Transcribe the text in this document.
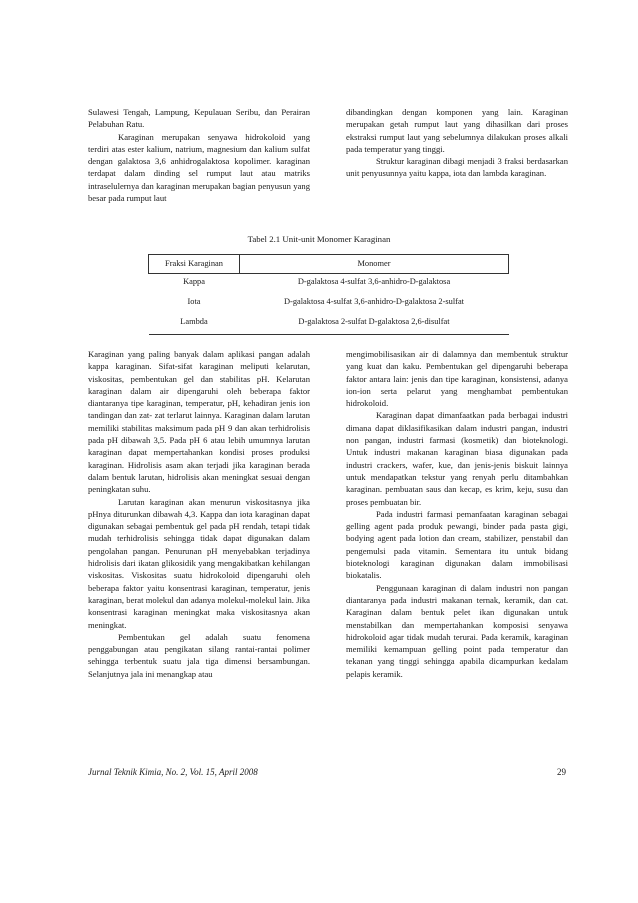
Sulawesi Tengah, Lampung, Kepulauan Seribu, dan Perairan Pelabuhan Ratu.

Karaginan merupakan senyawa hidrokoloid yang terdiri atas ester kalium, natrium, magnesium dan kalium sulfat dengan galaktosa 3,6 anhidrogalaktosa kopolimer. karaginan terdapat dalam dinding sel rumput laut atau matriks intraselulernya dan karaginan merupakan bagian penyusun yang besar pada rumput laut

dibandingkan dengan komponen yang lain. Karaginan merupakan getah rumput laut yang dihasilkan dari proses ekstraksi rumput laut yang sebelumnya dilakukan proses alkali pada temperatur yang tinggi.

Struktur karaginan dibagi menjadi 3 fraksi berdasarkan unit penyusunnya yaitu kappa, iota dan lambda karaginan.

Tabel 2.1 Unit-unit Monomer Karaginan
Fraksi Karaginan	Monomer
Kappa	D-galaktosa 4-sulfat 3,6-anhidro-D-galaktosa
Iota	D-galaktosa 4-sulfat 3,6-anhidro-D-galaktosa 2-sulfat
Lambda	D-galaktosa 2-sulfat D-galaktosa 2,6-disulfat

Karaginan yang paling banyak dalam aplikasi pangan adalah kappa karaginan. Sifat-sifat karaginan meliputi kelarutan, viskositas, pembentukan gel dan stabilitas pH. Kelarutan karaginan dalam air dipengaruhi oleh beberapa faktor diantaranya tipe karaginan, temperatur, pH, kehadiran jenis ion tandingan dan zat- zat terlarut lainnya. Karaginan dalam larutan memiliki stabilitas maksimum pada pH 9 dan akan terhidrolisis pada pH dibawah 3,5. Pada pH 6 atau lebih umumnya larutan karaginan dapat mempertahankan kondisi proses produksi karaginan. Hidrolisis asam akan terjadi jika karaginan berada dalam bentuk larutan, hidrolisis akan meningkat sesuai dengan peningkatan suhu.

Larutan karaginan akan menurun viskositasnya jika pHnya diturunkan dibawah 4,3. Kappa dan iota karaginan dapat digunakan sebagai pembentuk gel pada pH rendah, tetapi tidak mudah terhidrolisis sehingga tidak dapat digunakan dalam pengolahan pangan. Penurunan pH menyebabkan terjadinya hidrolisis dari ikatan glikosidik yang mengakibatkan kehilangan viskositas. Viskositas suatu hidrokoloid dipengaruhi oleh beberapa faktor yaitu konsentrasi karaginan, temperatur, jenis karaginan, berat molekul dan adanya molekul-molekul lain. Jika konsentrasi karaginan meningkat maka viskositasnya akan meningkat.

Pembentukan gel adalah suatu fenomena penggabungan atau pengikatan silang rantai-rantai polimer sehingga terbentuk suatu jala tiga dimensi bersambungan. Selanjutnya jala ini menangkap atau

mengimobilisasikan air di dalamnya dan membentuk struktur yang kuat dan kaku. Pembentukan gel dipengaruhi beberapa faktor antara lain: jenis dan tipe karaginan, konsistensi, adanya ion-ion serta pelarut yang menghambat pembentukan hidrokoloid.

Karaginan dapat dimanfaatkan pada berbagai industri dimana dapat diklasifikasikan dalam industri pangan, industri non pangan, industri farmasi (kosmetik) dan bioteknologi. Untuk industri makanan karaginan biasa digunakan pada industri crackers, wafer, kue, dan jenis-jenis biskuit lainnya untuk mendapatkan tekstur yang renyah perlu ditambahkan karaginan. pembuatan saus dan kecap, es krim, keju, susu dan proses pembuatan bir.

Pada industri farmasi pemanfaatan karaginan sebagai gelling agent pada produk pewangi, binder pada pasta gigi, bodying agent pada lotion dan cream, stabilizer, penstabil dan pengemulsi pada vitamin. Sementara itu untuk bidang bioteknologi karaginan digunakan dalam immobilisasi biokatalis.

Penggunaan karaginan di dalam industri non pangan diantaranya pada industri makanan ternak, keramik, dan cat. Karaginan dalam bentuk pelet ikan digunakan untuk menstabilkan dan mempertahankan komposisi senyawa hidrokoloid agar tidak mudah terurai. Pada keramik, karaginan memiliki kemampuan gelling point pada temperatur dan tekanan yang tinggi sehingga apabila dicampurkan kedalam pelapis keramik.

Jurnal Teknik Kimia, No. 2, Vol. 15, April 2008	29
